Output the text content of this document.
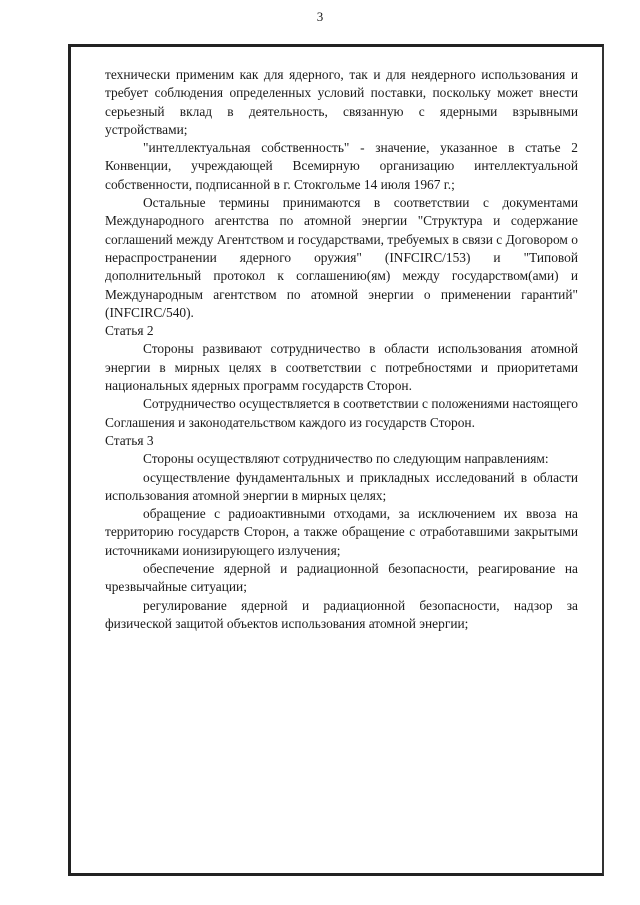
3

технически применим как для ядерного, так и для неядерного использования и требует соблюдения определенных условий поставки, поскольку может внести серьезный вклад в деятельность, связанную с ядерными взрывными устройствами;

"интеллектуальная собственность" - значение, указанное в статье 2 Конвенции, учреждающей Всемирную организацию интеллектуальной собственности, подписанной в г. Стокгольме 14 июля 1967 г.;

Остальные термины принимаются в соответствии с документами Международного агентства по атомной энергии "Структура и содержание соглашений между Агентством и государствами, требуемых в связи с Договором о нераспространении ядерного оружия" (INFCIRC/153) и "Типовой дополнительный протокол к соглашению(ям) между государством(ами) и Международным агентством по атомной энергии о применении гарантий" (INFCIRC/540).

Статья 2

Стороны развивают сотрудничество в области использования атомной энергии в мирных целях в соответствии с потребностями и приоритетами национальных ядерных программ государств Сторон.

Сотрудничество осуществляется в соответствии с положениями настоящего Соглашения и законодательством каждого из государств Сторон.

Статья 3

Стороны осуществляют сотрудничество по следующим направлениям:

осуществление фундаментальных и прикладных исследований в области использования атомной энергии в мирных целях;

обращение с радиоактивными отходами, за исключением их ввоза на территорию государств Сторон, а также обращение с отработавшими закрытыми источниками ионизирующего излучения;

обеспечение ядерной и радиационной безопасности, реагирование на чрезвычайные ситуации;

регулирование ядерной и радиационной безопасности, надзор за физической защитой объектов использования атомной энергии;
